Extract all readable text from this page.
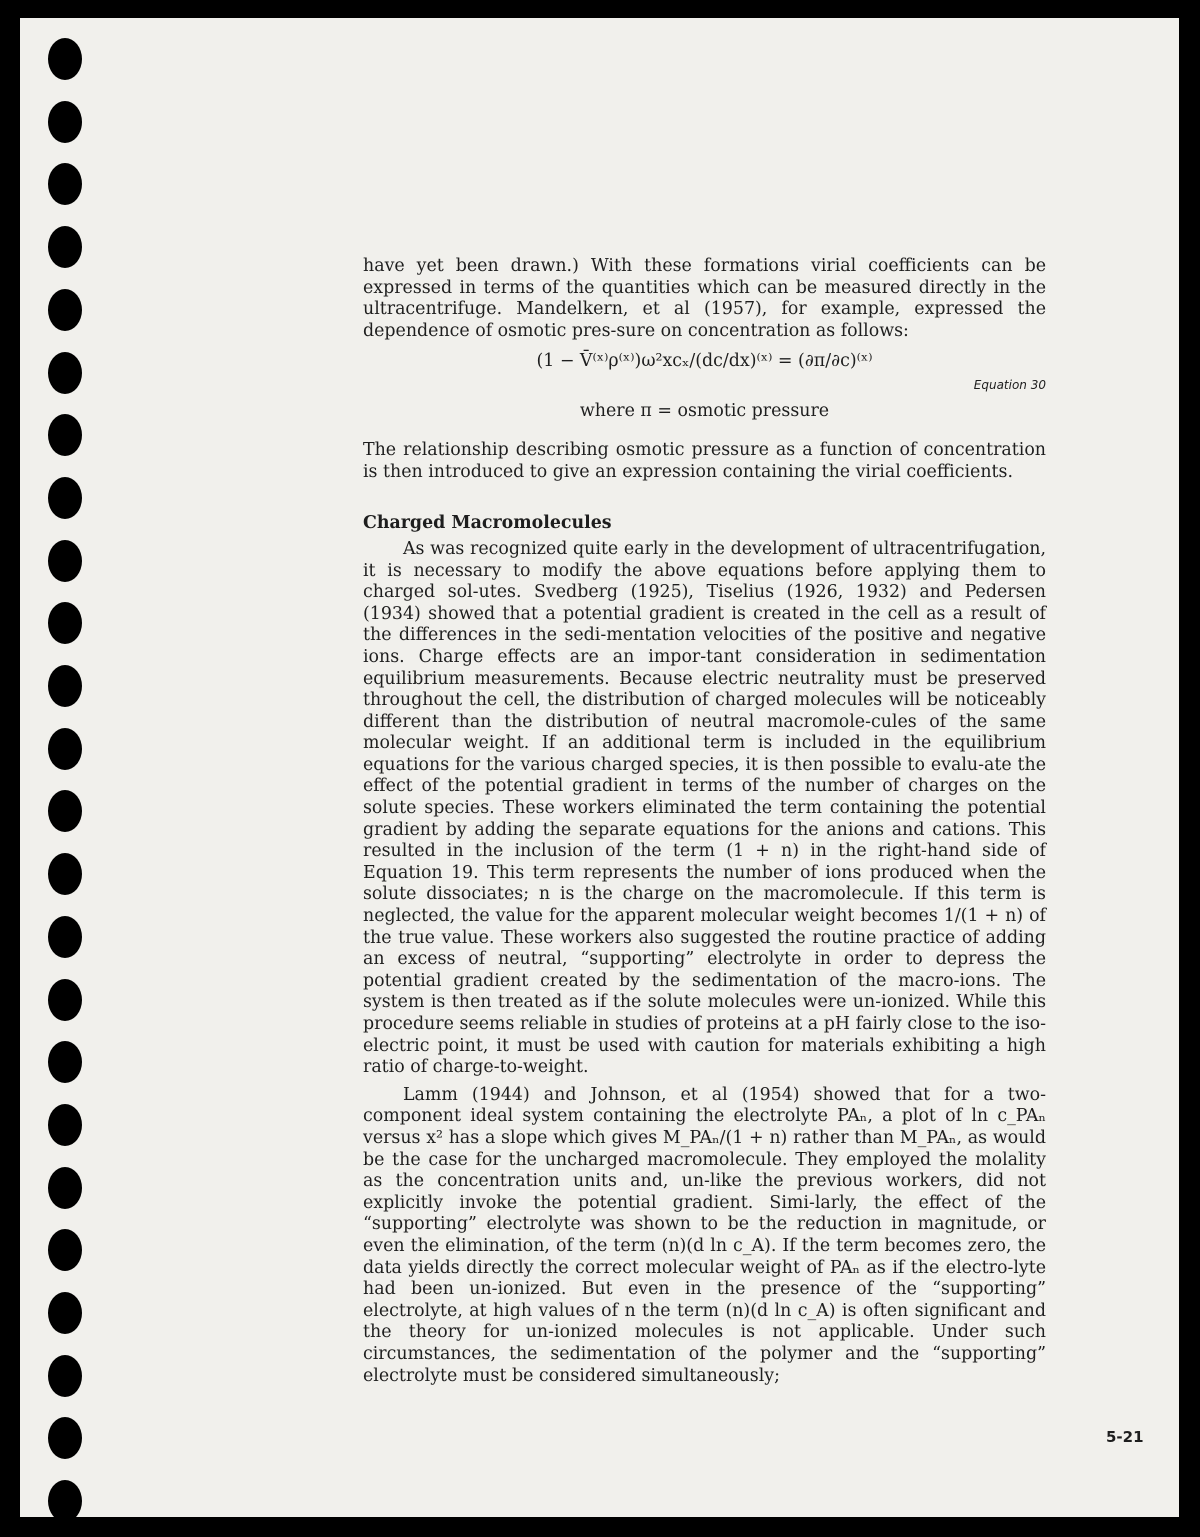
have yet been drawn.) With these formations virial coefficients can be expressed in terms of the quantities which can be measured directly in the ultracentrifuge. Mandelkern, et al (1957), for example, expressed the dependence of osmotic pres-sure on concentration as follows:

(1 − V̄⁽ˣ⁾ρ⁽ˣ⁾)ω²xcₓ/(dc/dx)⁽ˣ⁾ = (∂π/∂c)⁽ˣ⁾
Equation 30
where π = osmotic pressure

The relationship describing osmotic pressure as a function of concentration is then introduced to give an expression containing the virial coefficients.

Charged Macromolecules

As was recognized quite early in the development of ultracentrifugation, it is necessary to modify the above equations before applying them to charged sol-utes. Svedberg (1925), Tiselius (1926, 1932) and Pedersen (1934) showed that a potential gradient is created in the cell as a result of the differences in the sedi-mentation velocities of the positive and negative ions. Charge effects are an impor-tant consideration in sedimentation equilibrium measurements. Because electric neutrality must be preserved throughout the cell, the distribution of charged molecules will be noticeably different than the distribution of neutral macromole-cules of the same molecular weight. If an additional term is included in the equilibrium equations for the various charged species, it is then possible to evalu-ate the effect of the potential gradient in terms of the number of charges on the solute species. These workers eliminated the term containing the potential gradient by adding the separate equations for the anions and cations. This resulted in the inclusion of the term (1 + n) in the right-hand side of Equation 19. This term represents the number of ions produced when the solute dissociates; n is the charge on the macromolecule. If this term is neglected, the value for the apparent molecular weight becomes 1/(1 + n) of the true value. These workers also suggested the routine practice of adding an excess of neutral, “supporting” electrolyte in order to depress the potential gradient created by the sedimentation of the macro-ions. The system is then treated as if the solute molecules were un-ionized. While this procedure seems reliable in studies of proteins at a pH fairly close to the iso-electric point, it must be used with caution for materials exhibiting a high ratio of charge-to-weight.

Lamm (1944) and Johnson, et al (1954) showed that for a two-component ideal system containing the electrolyte PAₙ, a plot of ln c_PAₙ versus x² has a slope which gives M_PAₙ/(1 + n) rather than M_PAₙ, as would be the case for the uncharged macromolecule. They employed the molality as the concentration units and, un-like the previous workers, did not explicitly invoke the potential gradient. Simi-larly, the effect of the “supporting” electrolyte was shown to be the reduction in magnitude, or even the elimination, of the term (n)(d ln c_A). If the term becomes zero, the data yields directly the correct molecular weight of PAₙ as if the electro-lyte had been un-ionized. But even in the presence of the “supporting” electrolyte, at high values of n the term (n)(d ln c_A) is often significant and the theory for un-ionized molecules is not applicable. Under such circumstances, the sedimentation of the polymer and the “supporting” electrolyte must be considered simultaneously;

5-21
